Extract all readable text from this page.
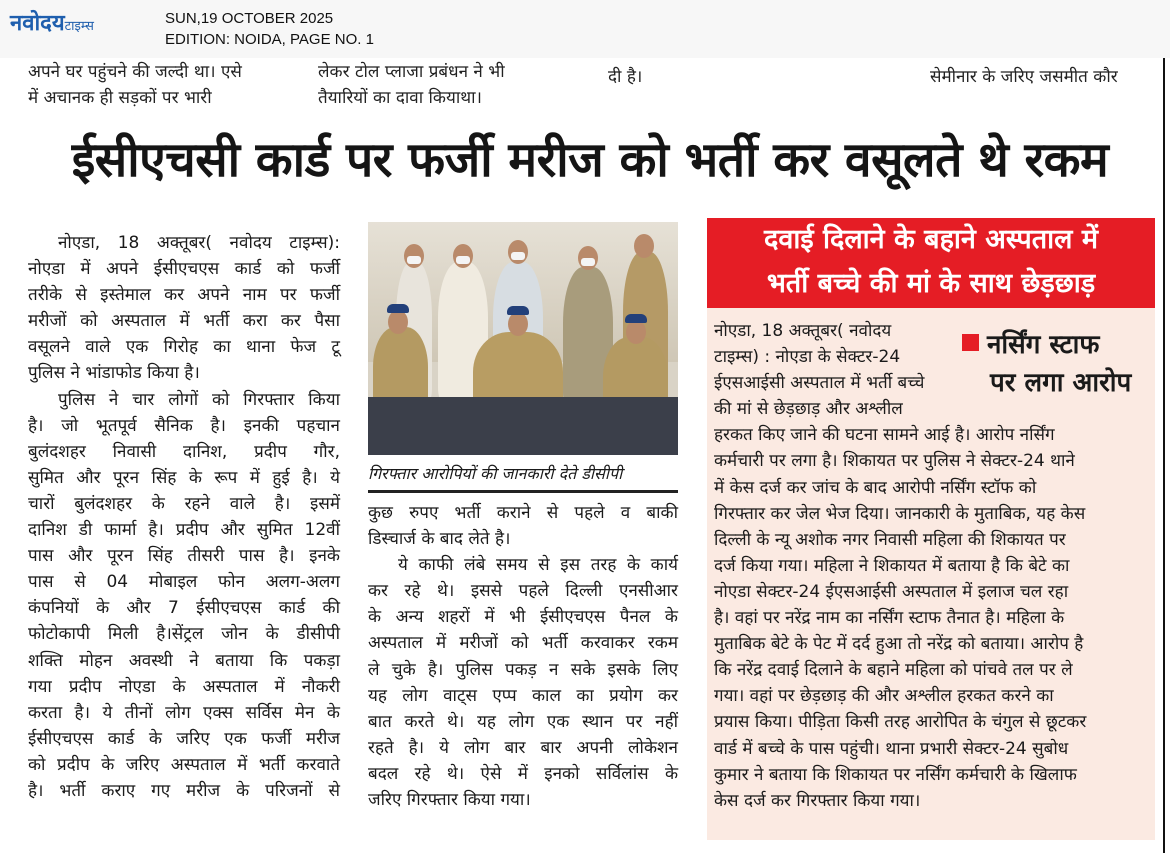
नवोदयटाइम्स	SUN,19 OCTOBER 2025
EDITION: NOIDA, PAGE NO. 1
अपने घर पहुंचने की जल्दी था। एसे
में अचानक ही सड़कों पर भारी
लेकर टोल प्लाजा प्रबंधन ने भी
तैयारियों का दावा कियाथा।
दी है।	सेमीनार के जरिए जसमीत कौर
ईसीएचसी कार्ड पर फर्जी मरीज को भर्ती कर वसूलते थे रकम
नोएडा, 18 अक्तूबर( नवोदय टाइम्स):
नोएडा में अपने ईसीएचएस कार्ड को फर्जी
तरीके से इस्तेमाल कर अपने नाम पर फर्जी
मरीजों को अस्पताल में भर्ती करा कर पैसा
वसूलने वाले एक गिरोह का थाना फेज टू
पुलिस ने भांडाफोड किया है।
पुलिस ने चार लोगों को गिरफ्तार किया
है। जो भूतपूर्व सैनिक है। इनकी पहचान
बुलंदशहर निवासी दानिश, प्रदीप गौर,
सुमित और पूरन सिंह के रूप में हुई है। ये
चारों बुलंदशहर के रहने वाले है। इसमें
दानिश डी फार्मा है। प्रदीप और सुमित 12वीं
पास और पूरन सिंह तीसरी पास है। इनके
पास से 04 मोबाइल फोन अलग-अलग
कंपनियों के और 7 ईसीएचएस कार्ड की
फोटोकापी मिली है।सेंट्रल जोन के डीसीपी
शक्ति मोहन अवस्थी ने बताया कि पकड़ा
गया प्रदीप नोएडा के अस्पताल में नौकरी
करता है। ये तीनों लोग एक्स सर्विस मेन के
ईसीएचएस कार्ड के जरिए एक फर्जी मरीज
को प्रदीप के जरिए अस्पताल में भर्ती करवाते
है। भर्ती कराए गए मरीज के परिजनों से
गिरफ्तार आरोपियों की जानकारी देते डीसीपी
कुछ रुपए भर्ती कराने से पहले व बाकी
डिस्चार्ज के बाद लेते है।
ये काफी लंबे समय से इस तरह के कार्य
कर रहे थे। इससे पहले दिल्ली एनसीआर
के अन्य शहरों में भी ईसीएचएस पैनल के
अस्पताल में मरीजों को भर्ती करवाकर रकम
ले चुके है। पुलिस पकड़ न सके इसके लिए
यह लोग वाट्स एप्प काल का प्रयोग कर
बात करते थे। यह लोग एक स्थान पर नहीं
रहते है। ये लोग बार बार अपनी लोकेशन
बदल रहे थे। ऐसे में इनको सर्विलांस के
जरिए गिरफ्तार किया गया।
दवाई दिलाने के बहाने अस्पताल में
भर्ती बच्चे की मां के साथ छेड़छाड़
नर्सिंग स्टाफ
पर लगा आरोप
नोएडा, 18 अक्तूबर( नवोदय
टाइम्स) : नोएडा के सेक्टर-24
ईएसआईसी अस्पताल में भर्ती बच्चे
की मां से छेड़छाड़ और अश्लील
हरकत किए जाने की घटना सामने आई है। आरोप नर्सिंग
कर्मचारी पर लगा है। शिकायत पर पुलिस ने सेक्टर-24 थाने
में केस दर्ज कर जांच के बाद आरोपी नर्सिंग स्टॉफ को
गिरफ्तार कर जेल भेज दिया। जानकारी के मुताबिक, यह केस
दिल्ली के न्यू अशोक नगर निवासी महिला की शिकायत पर
दर्ज किया गया। महिला ने शिकायत में बताया है कि बेटे का
नोएडा सेक्टर-24 ईएसआईसी अस्पताल में इलाज चल रहा
है। वहां पर नरेंद्र नाम का नर्सिंग स्टाफ तैनात है। महिला के
मुताबिक बेटे के पेट में दर्द हुआ तो नरेंद्र को बताया। आरोप है
कि नरेंद्र दवाई दिलाने के बहाने महिला को पांचवे तल पर ले
गया। वहां पर छेड़छाड़ की और अश्लील हरकत करने का
प्रयास किया। पीड़िता किसी तरह आरोपित के चंगुल से छूटकर
वार्ड में बच्चे के पास पहुंची। थाना प्रभारी सेक्टर-24 सुबोध
कुमार ने बताया कि शिकायत पर नर्सिंग कर्मचारी के खिलाफ
केस दर्ज कर गिरफ्तार किया गया।
